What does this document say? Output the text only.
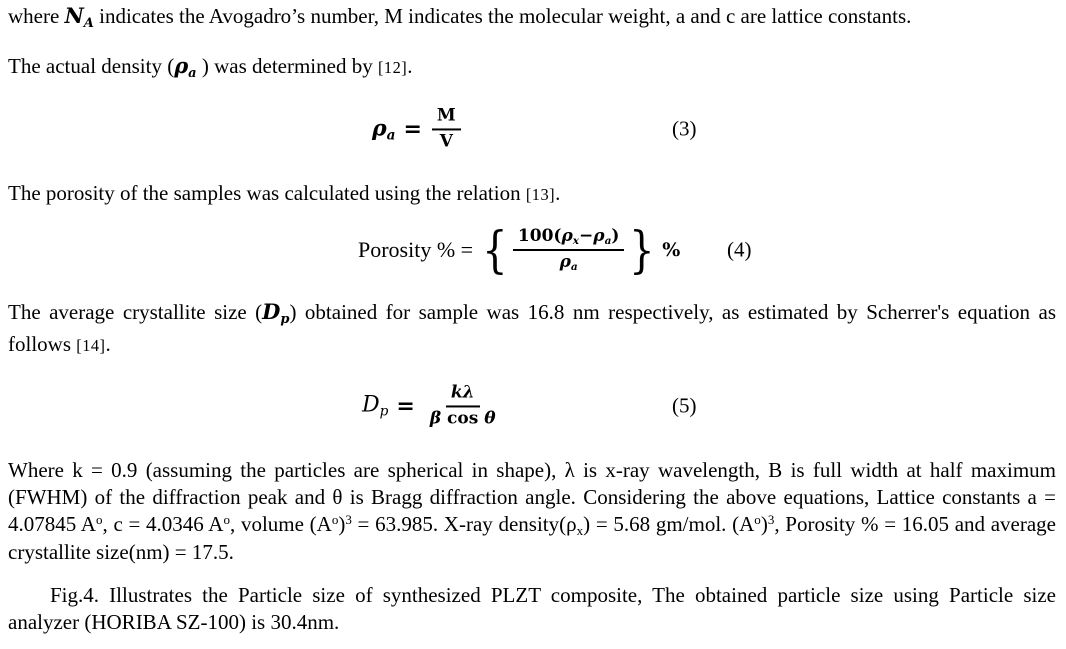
where NA indicates the Avogadro’s number, M indicates the molecular weight, a and c are lattice constants.
The actual density (ρa ) was determined by [12].
$\rho a = \frac{M}{V}$	(3)
The porosity of the samples was calculated using the relation [13].
Porosity % = { $\frac{100(\rho x-\rho a)}{\rho a}$ } % (4)
The average crystallite size (Dp) obtained for sample was 16.8 nm respectively, as estimated by Scherrer's equation as follows [14].
$Dp = \frac{k\lambda}{\text{β cos θ}}$	(5)
Where k = 0.9 (assuming the particles are spherical in shape), λ is x-ray wavelength, B is full width at half maximum (FWHM) of the diffraction peak and θ is Bragg diffraction angle. Considering the above equations, Lattice constants a = 4.07845 $A^o$, c = 4.0346 $A^o$, volume $(A^o)^3 = 63.985$. X-ray density(ρx) = 5.68 gm/mol. $(A^o)^3$, Porosity % = 16.05 and average crystallite size(nm) = 17.5.
Fig.4. Illustrates the Particle size of synthesized PLZT composite, The obtained particle size using Particle size analyzer (HORIBA SZ-100) is 30.4nm.
